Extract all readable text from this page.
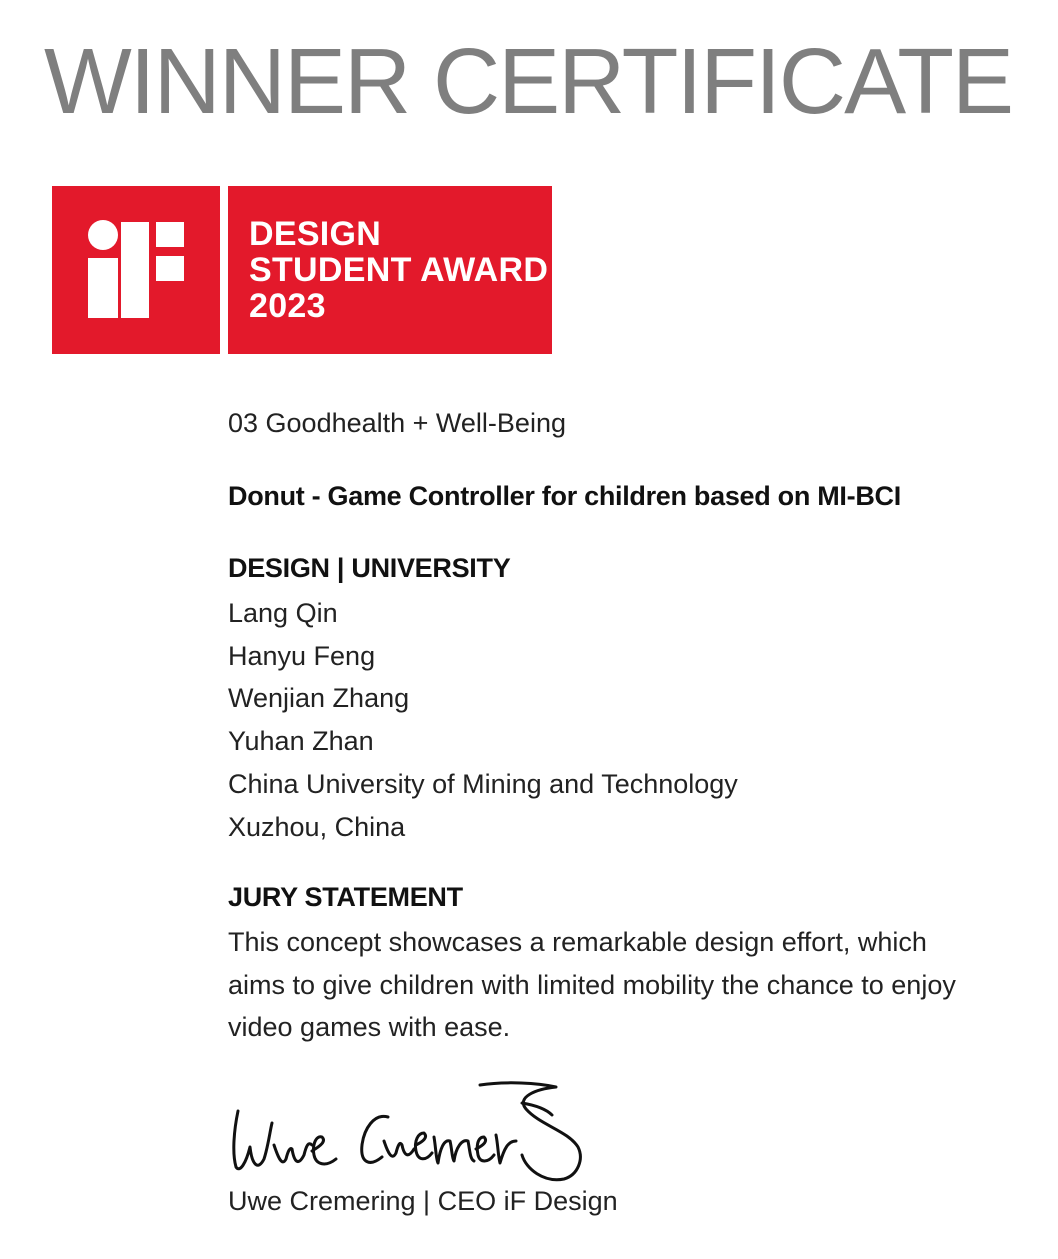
WINNER CERTIFICATE
DESIGN
STUDENT AWARD
2023
03 Goodhealth + Well-Being
Donut - Game Controller for children based on MI-BCI
DESIGN | UNIVERSITY
Lang Qin
Hanyu Feng
Wenjian Zhang
Yuhan Zhan
China University of Mining and Technology
Xuzhou, China
JURY STATEMENT
This concept showcases a remarkable design effort, which
aims to give children with limited mobility the chance to enjoy
video games with ease.
Uwe Cremering | CEO iF Design
